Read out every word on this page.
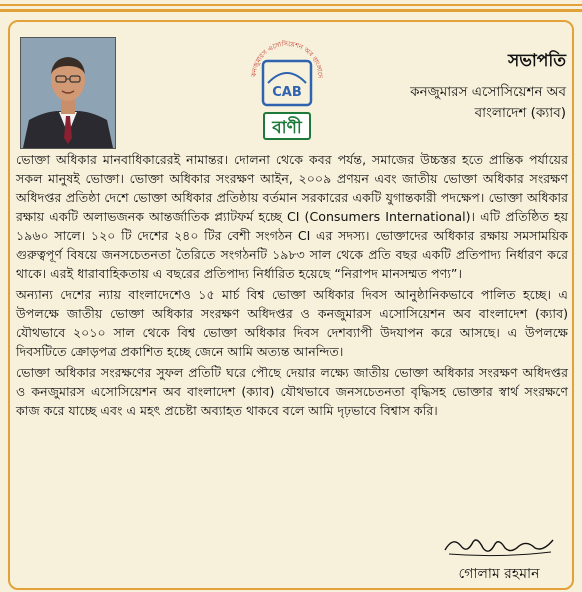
কনজুমারস এসোসিয়েশন অব বাংলাদে
CAB
বাণী
সভাপতি
কনজুমারস এসোসিয়েশন অব
বাংলাদেশ (ক্যাব)

ভোক্তা অধিকার মানবাধিকারেরই নামান্তর। দোলনা থেকে কবর পর্যন্ত, সমাজের উচ্চস্তর হতে প্রান্তিক পর্যায়ের সকল মানুষই ভোক্তা। ভোক্তা অধিকার সংরক্ষণ আইন, ২০০৯ প্রণয়ন এবং জাতীয় ভোক্তা অধিকার সংরক্ষণ অধিদপ্তর প্রতিষ্ঠা দেশে ভোক্তা অধিকার প্রতিষ্ঠায় বর্তমান সরকারের একটি যুগান্তকারী পদক্ষেপ। ভোক্তা অধিকার রক্ষায় একটি অলাভজনক আন্তর্জাতিক প্ল্যাটফর্ম হচ্ছে CI (Consumers International)। এটি প্রতিষ্ঠিত হয় ১৯৬০ সালে। ১২০ টি দেশের ২৪০ টির বেশী সংগঠন CI এর সদস্য। ভোক্তাদের অধিকার রক্ষায় সমসাময়িক গুরুত্বপূর্ণ বিষয়ে জনসচেতনতা তৈরিতে সংগঠনটি ১৯৮৩ সাল থেকে প্রতি বছর একটি প্রতিপাদ্য নির্ধারণ করে থাকে। এরই ধারাবাহিকতায় এ বছরের প্রতিপাদ্য নির্ধারিত হয়েছে “নিরাপদ মানসম্মত পণ্য”।

অন্যান্য দেশের ন্যায় বাংলাদেশেও ১৫ মার্চ বিশ্ব ভোক্তা অধিকার দিবস আনুষ্ঠানিকভাবে পালিত হচ্ছে। এ উপলক্ষে জাতীয় ভোক্তা অধিকার সংরক্ষণ অধিদপ্তর ও কনজুমারস এসোসিয়েশন অব বাংলাদেশ (ক্যাব) যৌথভাবে ২০১০ সাল থেকে বিশ্ব ভোক্তা অধিকার দিবস দেশব্যাপী উদযাপন করে আসছে। এ উপলক্ষে দিবসটিতে ক্রোড়পত্র প্রকাশিত হচ্ছে জেনে আমি অত্যন্ত আনন্দিত।

ভোক্তা অধিকার সংরক্ষণের সুফল প্রতিটি ঘরে পৌছে দেয়ার লক্ষ্যে জাতীয় ভোক্তা অধিকার সংরক্ষণ অধিদপ্তর ও কনজুমারস এসোসিয়েশন অব বাংলাদেশ (ক্যাব) যৌথভাবে জনসচেতনতা বৃদ্ধিসহ ভোক্তার স্বার্থ সংরক্ষণে কাজ করে যাচ্ছে এবং এ মহৎ প্রচেষ্টা অব্যাহত থাকবে বলে আমি দৃঢ়ভাবে বিশ্বাস করি।

গোলাম রহমান
